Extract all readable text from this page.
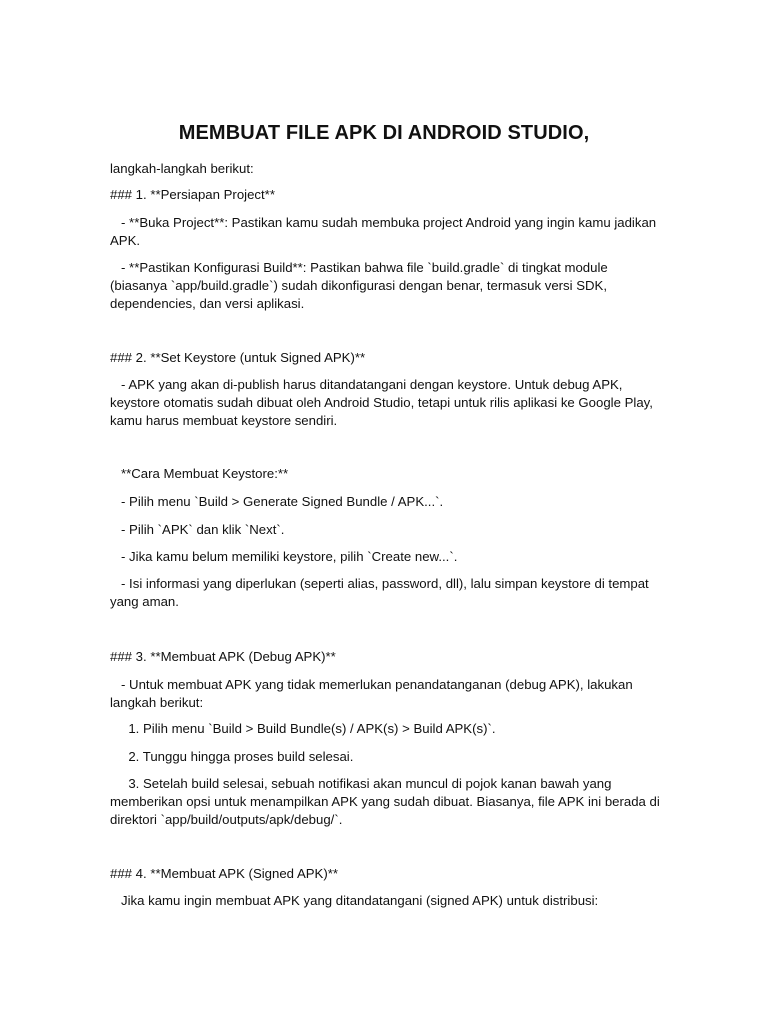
MEMBUAT FILE APK DI ANDROID STUDIO,

langkah-langkah berikut:

### 1. **Persiapan Project**

- **Buka Project**: Pastikan kamu sudah membuka project Android yang ingin kamu jadikan APK.

- **Pastikan Konfigurasi Build**: Pastikan bahwa file `build.gradle` di tingkat module (biasanya `app/build.gradle`) sudah dikonfigurasi dengan benar, termasuk versi SDK, dependencies, dan versi aplikasi.

### 2. **Set Keystore (untuk Signed APK)**

- APK yang akan di-publish harus ditandatangani dengan keystore. Untuk debug APK, keystore otomatis sudah dibuat oleh Android Studio, tetapi untuk rilis aplikasi ke Google Play, kamu harus membuat keystore sendiri.

**Cara Membuat Keystore:**

- Pilih menu `Build > Generate Signed Bundle / APK...`.

- Pilih `APK` dan klik `Next`.

- Jika kamu belum memiliki keystore, pilih `Create new...`.

- Isi informasi yang diperlukan (seperti alias, password, dll), lalu simpan keystore di tempat yang aman.

### 3. **Membuat APK (Debug APK)**

- Untuk membuat APK yang tidak memerlukan penandatanganan (debug APK), lakukan langkah berikut:

1. Pilih menu `Build > Build Bundle(s) / APK(s) > Build APK(s)`.

2. Tunggu hingga proses build selesai.

3. Setelah build selesai, sebuah notifikasi akan muncul di pojok kanan bawah yang memberikan opsi untuk menampilkan APK yang sudah dibuat. Biasanya, file APK ini berada di direktori `app/build/outputs/apk/debug/`.

### 4. **Membuat APK (Signed APK)**

Jika kamu ingin membuat APK yang ditandatangani (signed APK) untuk distribusi:
